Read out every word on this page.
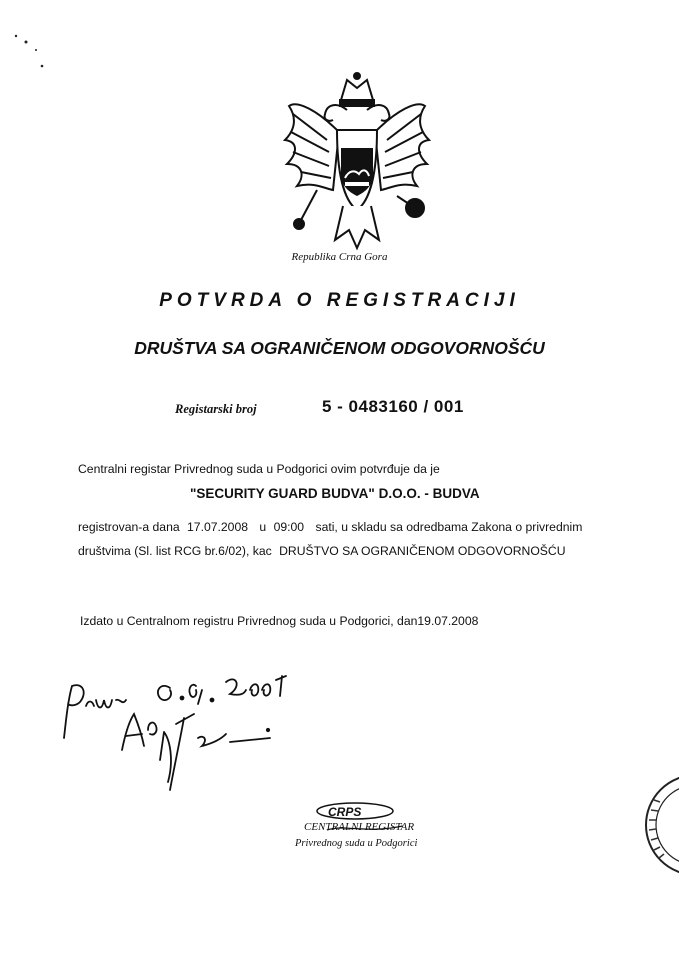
Republika Crna Gora
POTVRDA O REGISTRACIJI
DRUŠTVA SA OGRANIČENOM ODGOVORNOŠĆU
Registarski broj	5 - 0483160 / 001
Centralni registar Privrednog suda u Podgorici ovim potvrđuje da je
"SECURITY GUARD BUDVA" D.O.O. - BUDVA
registrovan-a dana 17.07.2008 u 09:00 sati, u skladu sa odredbama Zakona o privrednim
društvima (Sl. list RCG br.6/02), kac DRUŠTVO SA OGRANIČENOM ODGOVORNOŠĆU
Izdato u Centralnom registru Privrednog suda u Podgorici, dan19.07.2008
CRPS
CENTRALNI REGISTAR
Privrednog suda u Podgorici
